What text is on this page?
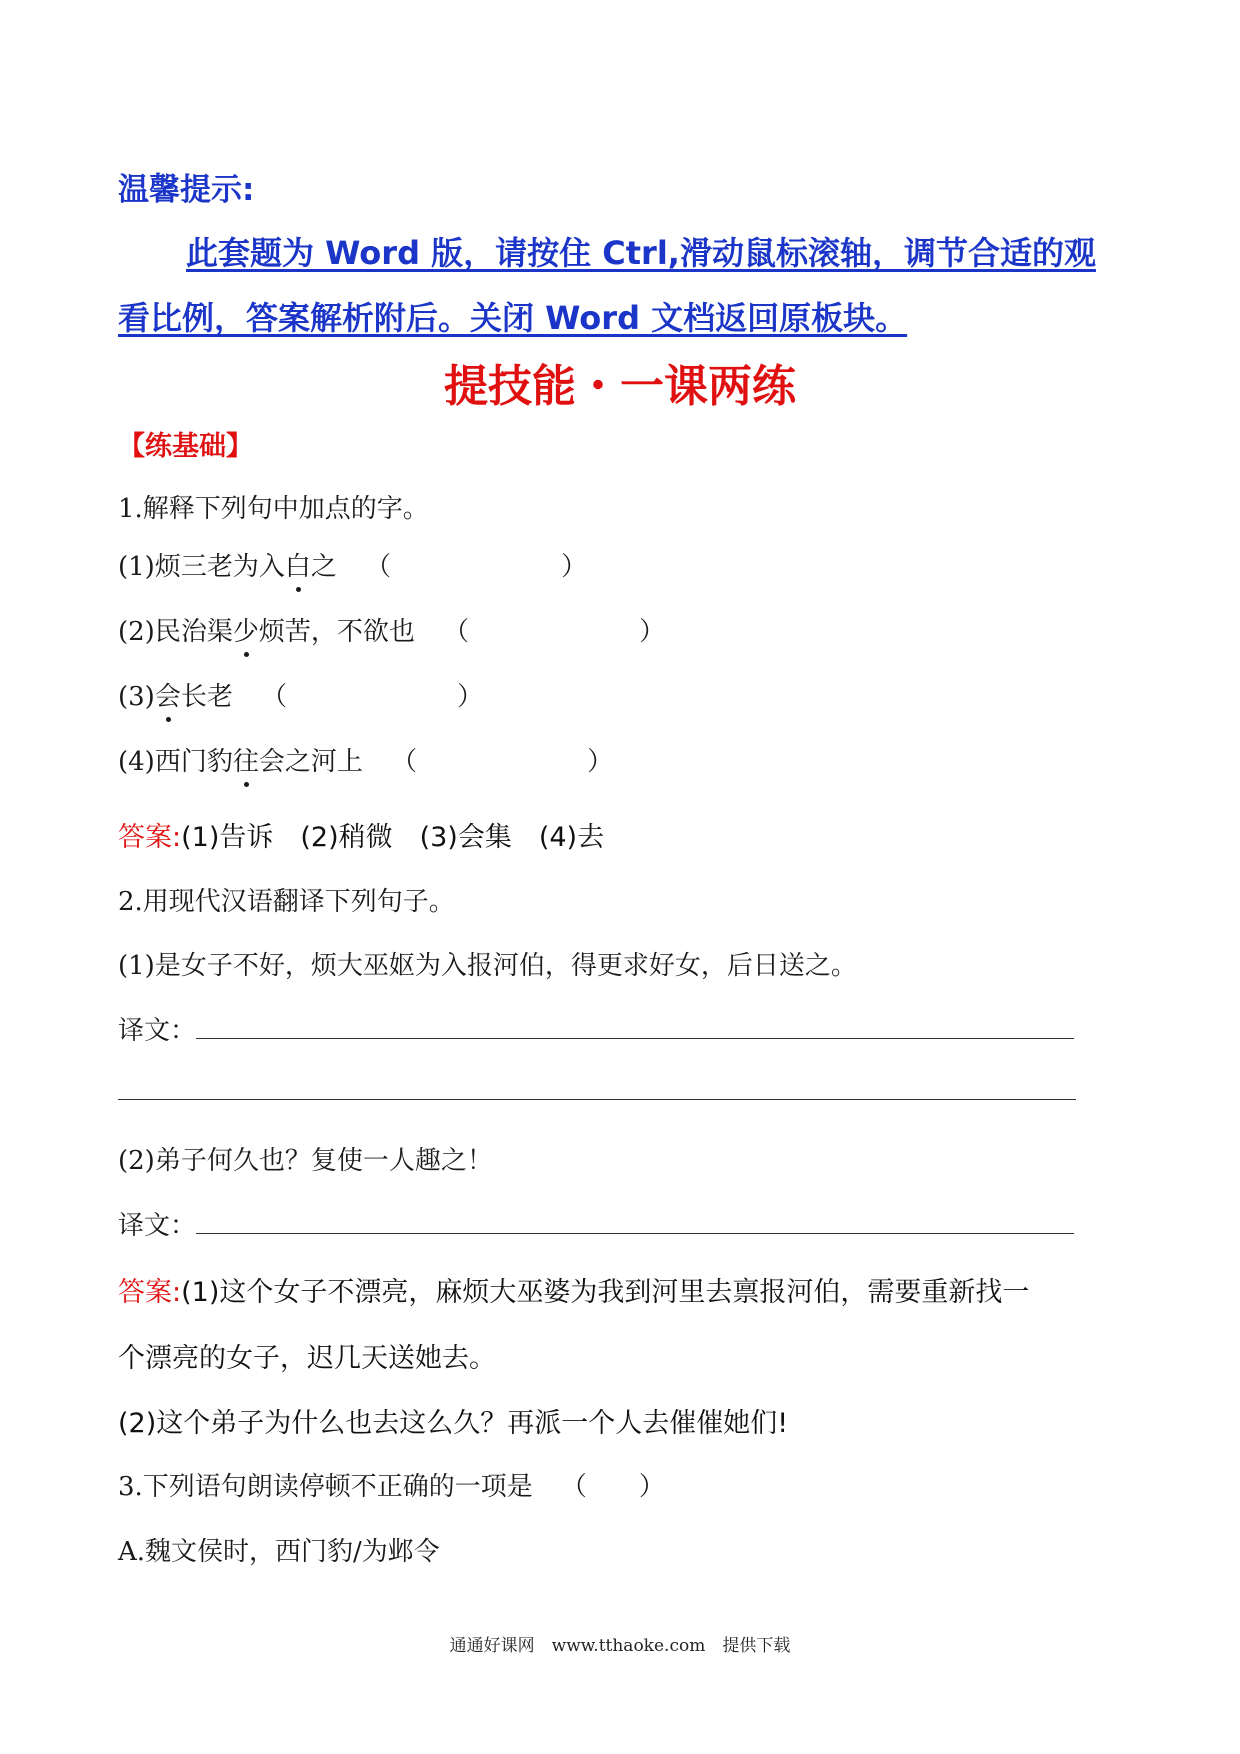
温馨提示:
此套题为 Word 版，请按住 Ctrl,滑动鼠标滚轴，调节合适的观
看比例，答案解析附后。关闭 Word 文档返回原板块。
提技能・一课两练
【练基础】
1.解释下列句中加点的字。
(1)烦三老为入白之 （	）
(2)民治渠少烦苦，不欲也 （	）
(3)会长老 （	）
(4)西门豹往会之河上 （	）
答案:(1)告诉　(2)稍微　(3)会集　(4)去
2.用现代汉语翻译下列句子。
(1)是女子不好，烦大巫妪为入报河伯，得更求好女，后日送之。
译文：
(2)弟子何久也？复使一人趣之！
译文：
答案:(1)这个女子不漂亮，麻烦大巫婆为我到河里去禀报河伯，需要重新找一
个漂亮的女子，迟几天送她去。
(2)这个弟子为什么也去这么久？再派一个人去催催她们!
3.下列语句朗读停顿不正确的一项是 （　　）
A.魏文侯时，西门豹/为邺令
通通好课网　www.tthaoke.com　提供下载
